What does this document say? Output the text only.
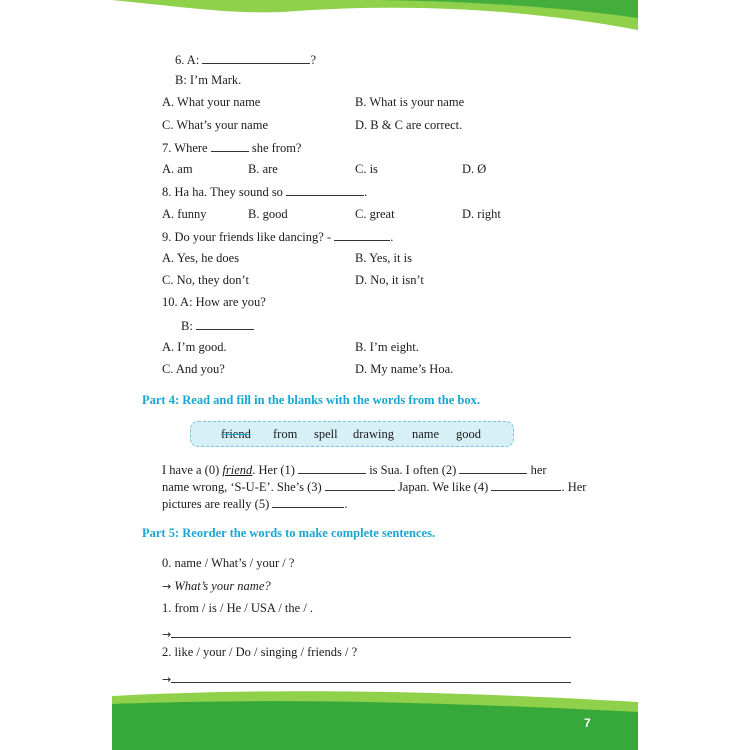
7
6. A:	?
B: I’m Mark.
A. What your name	B. What is your name
C. What’s your name	D. B & C are correct.
7. Where	she from?
A. am	B. are	C. is	D. Ø
8. Ha ha. They sound so	.
A. funny	B. good	C. great	D. right
9. Do your friends like dancing? -	.
A. Yes, he does	B. Yes, it is
C. No, they don’t	D. No, it isn’t
10. A: How are you?
B:
A. I’m good.	B. I’m eight.
C. And you?	D. My name’s Hoa.
Part 4: Read and fill in the blanks with the words from the box.
friend from spell drawing name good
I have a (0) friend. Her (1)	is Sua. I often (2)	her
name wrong, ‘S-U-E’. She’s (3)	Japan. We like (4)	. Her
pictures are really (5)	.
Part 5: Reorder the words to make complete sentences.
0. name / What’s / your / ?
→ What’s your name?
1. from / is / He / USA / the / .
→
2. like / your / Do / singing / friends / ?
→
